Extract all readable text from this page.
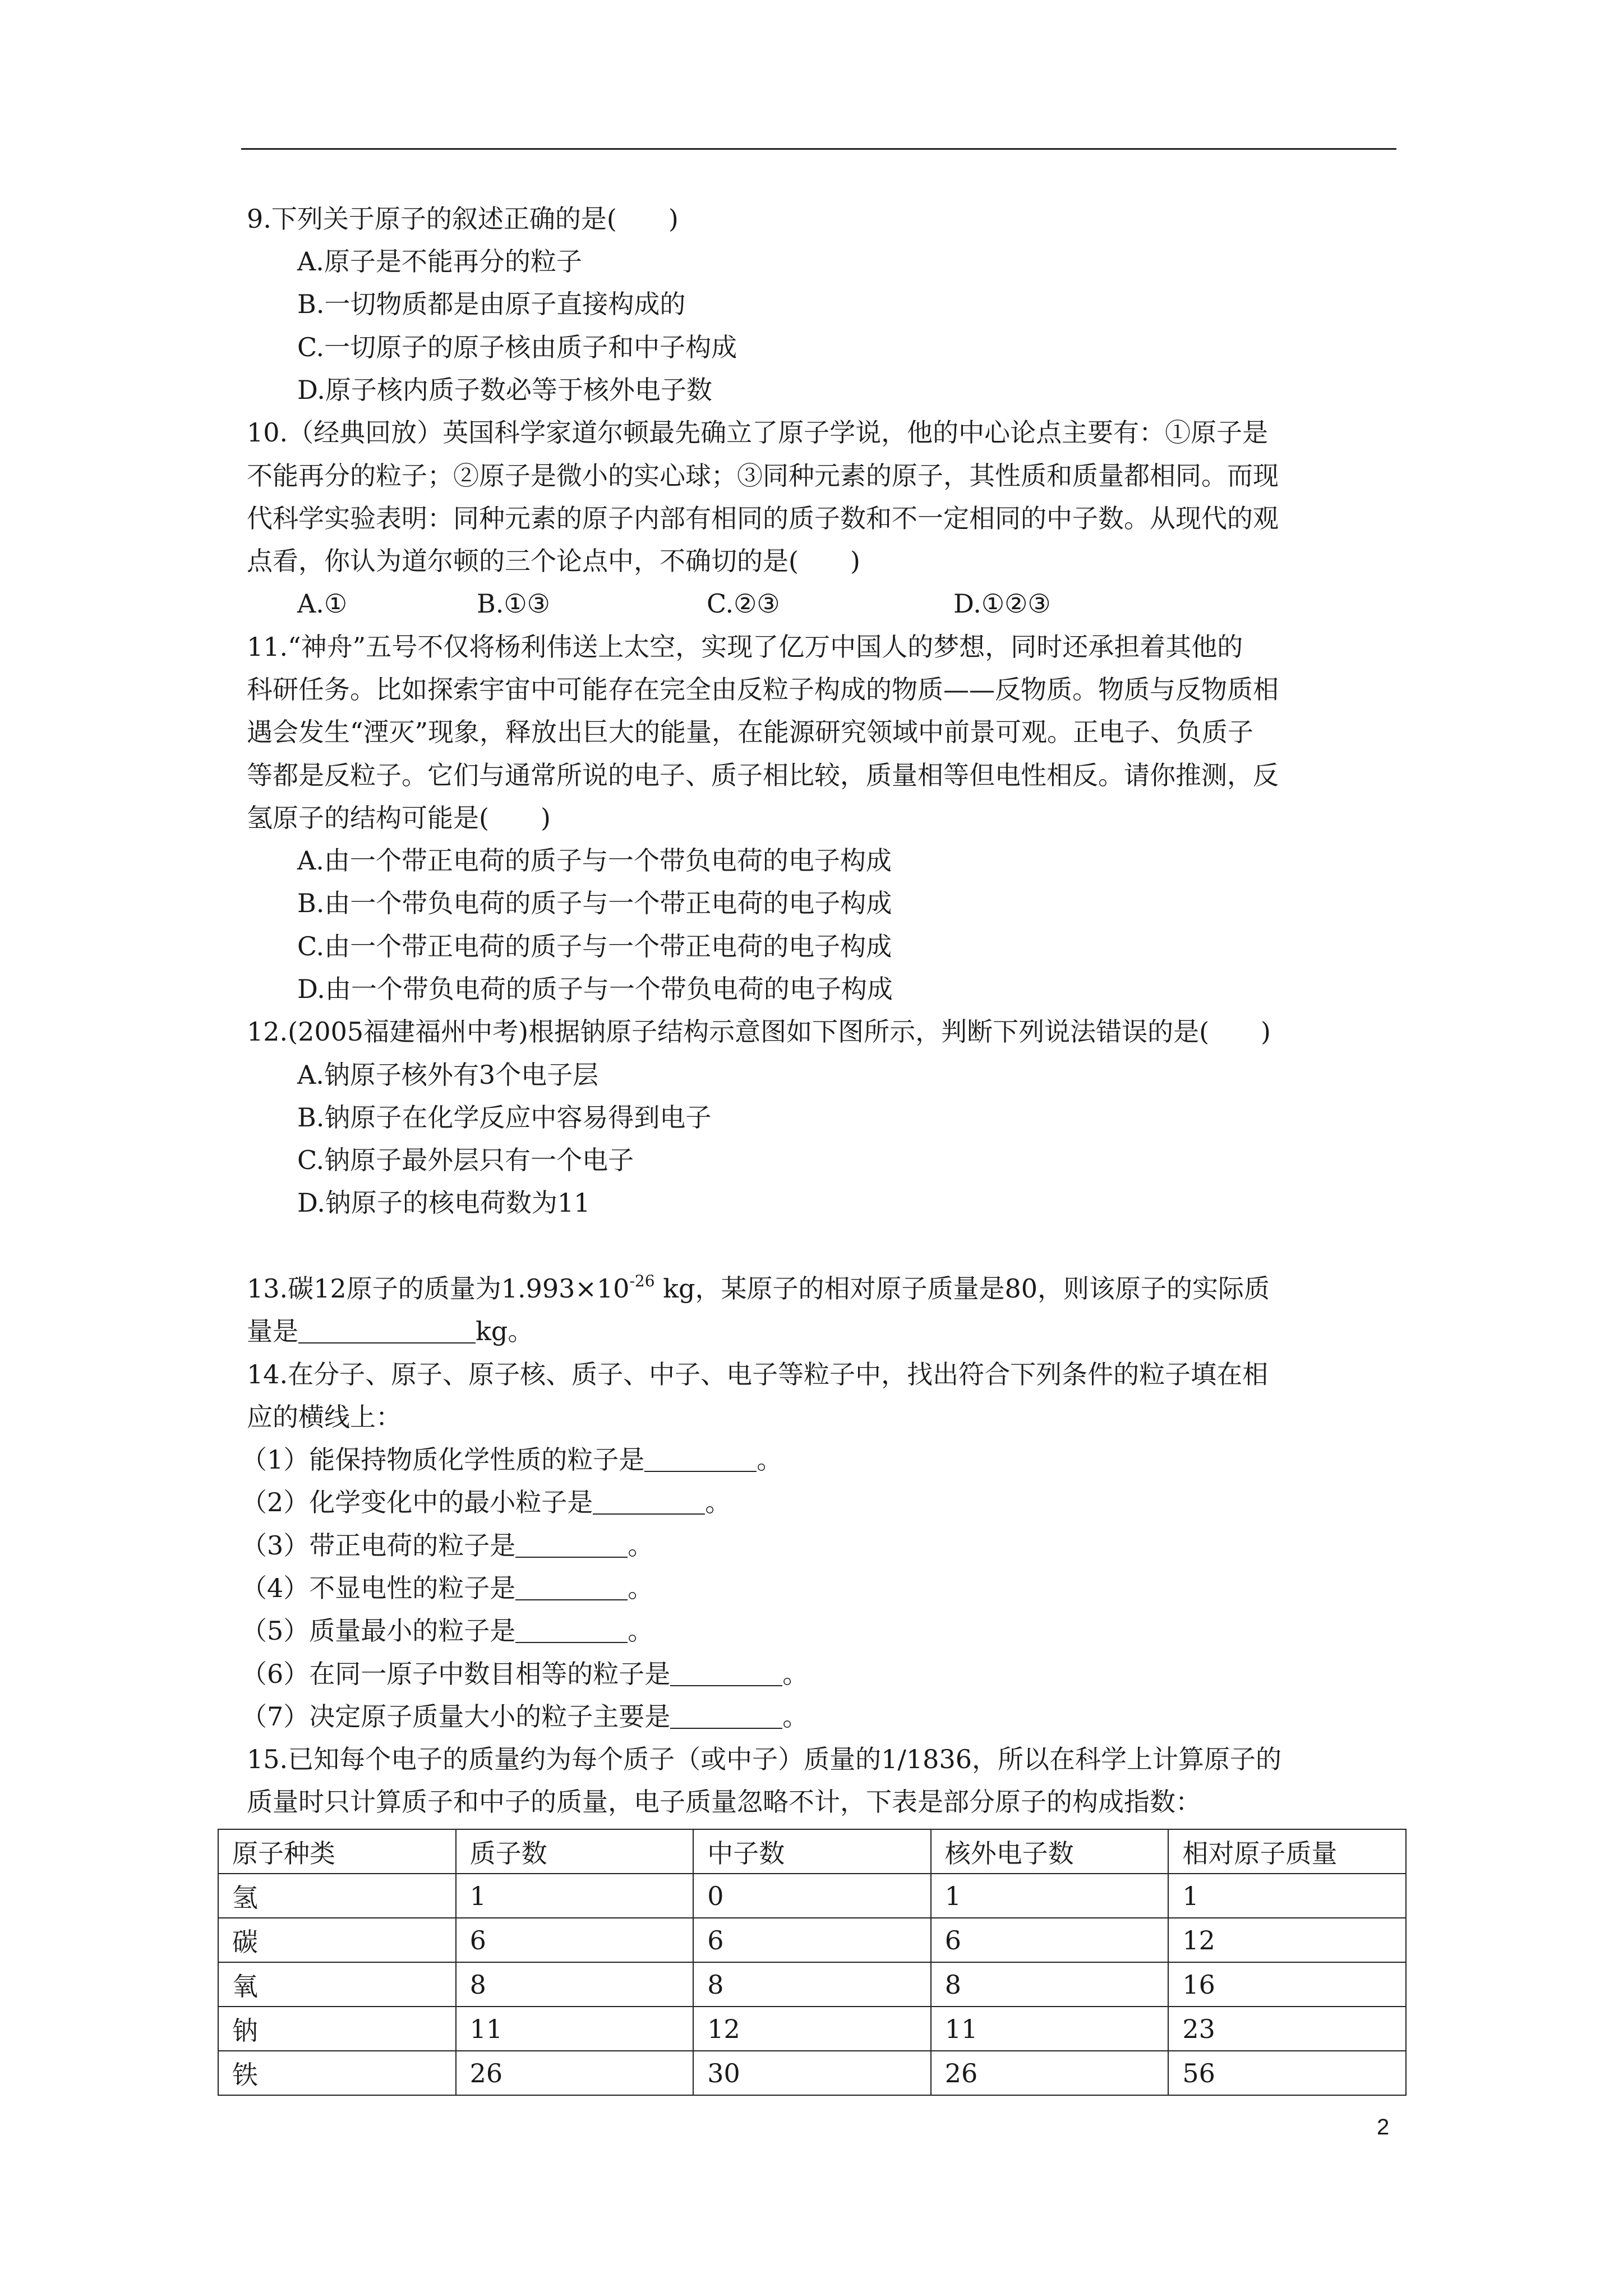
9.下列关于原子的叙述正确的是(　　)
A.原子是不能再分的粒子
B.一切物质都是由原子直接构成的
C.一切原子的原子核由质子和中子构成
D.原子核内质子数必等于核外电子数
10.（经典回放）英国科学家道尔顿最先确立了原子学说，他的中心论点主要有：①原子是
不能再分的粒子；②原子是微小的实心球；③同种元素的原子，其性质和质量都相同。而现
代科学实验表明：同种元素的原子内部有相同的质子数和不一定相同的中子数。从现代的观
点看，你认为道尔顿的三个论点中，不确切的是(　　)
A.①	B.①③	C.②③	D.①②③
11.“神舟”五号不仅将杨利伟送上太空，实现了亿万中国人的梦想，同时还承担着其他的
科研任务。比如探索宇宙中可能存在完全由反粒子构成的物质——反物质。物质与反物质相
遇会发生“湮灭”现象，释放出巨大的能量，在能源研究领域中前景可观。正电子、负质子
等都是反粒子。它们与通常所说的电子、质子相比较，质量相等但电性相反。请你推测，反
氢原子的结构可能是(　　)
A.由一个带正电荷的质子与一个带负电荷的电子构成
B.由一个带负电荷的质子与一个带正电荷的电子构成
C.由一个带正电荷的质子与一个带正电荷的电子构成
D.由一个带负电荷的质子与一个带负电荷的电子构成
12.(2005福建福州中考)根据钠原子结构示意图如下图所示，判断下列说法错误的是(　　)
A.钠原子核外有3个电子层
B.钠原子在化学反应中容易得到电子
C.钠原子最外层只有一个电子
D.钠原子的核电荷数为11
13.碳12原子的质量为$1.993\times 10^{-26}$ kg，某原子的相对原子质量是80，则该原子的实际质
量是	kg。
14.在分子、原子、原子核、质子、中子、电子等粒子中，找出符合下列条件的粒子填在相
应的横线上：
（1）能保持物质化学性质的粒子是	。
（2）化学变化中的最小粒子是	。
（3）带正电荷的粒子是	。
（4）不显电性的粒子是	。
（5）质量最小的粒子是	。
（6）在同一原子中数目相等的粒子是	。
（7）决定原子质量大小的粒子主要是	。
15.已知每个电子的质量约为每个质子（或中子）质量的1/1836，所以在科学上计算原子的
质量时只计算质子和中子的质量，电子质量忽略不计，下表是部分原子的构成指数：
原子种类	质子数	中子数	核外电子数	相对原子质量
氢	1	0	1	1
碳	6	6	6	12
氧	8	8	8	16
钠	11	12	11	23
铁	26	30	26	56
2
